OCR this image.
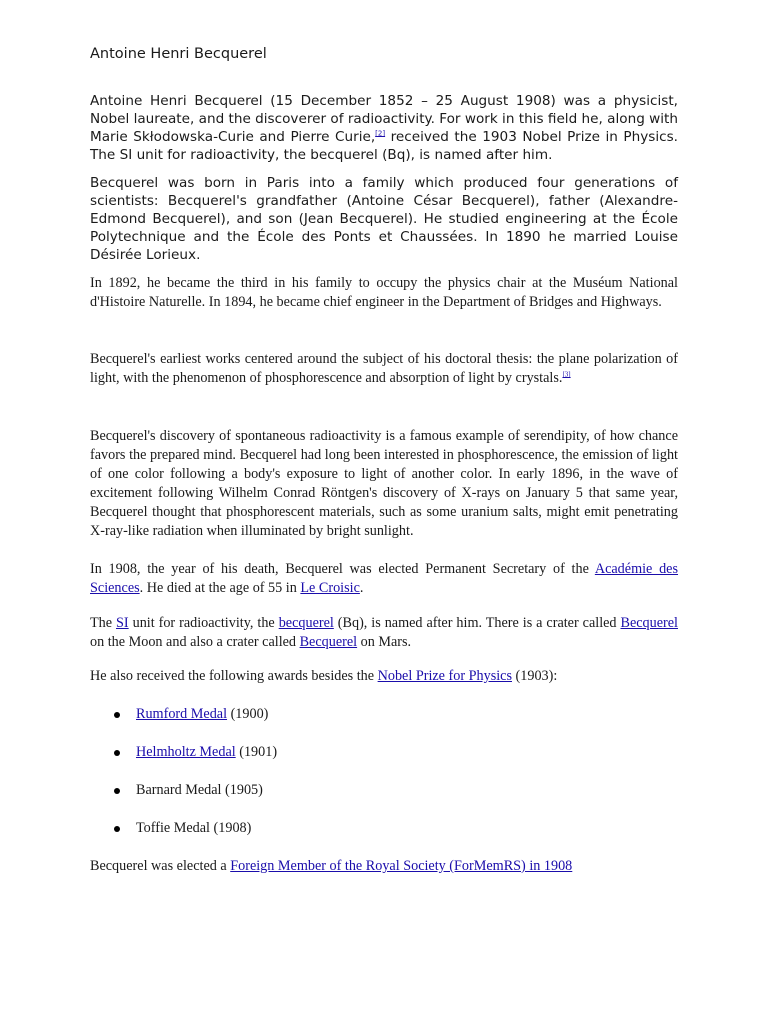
Antoine Henri Becquerel

Antoine Henri Becquerel (15 December 1852 – 25 August 1908) was a physicist, Nobel laureate, and the discoverer of radioactivity. For work in this field he, along with Marie Skłodowska-Curie and Pierre Curie,[2] received the 1903 Nobel Prize in Physics. The SI unit for radioactivity, the becquerel (Bq), is named after him.

Becquerel was born in Paris into a family which produced four generations of scientists: Becquerel's grandfather (Antoine César Becquerel), father (Alexandre-Edmond Becquerel), and son (Jean Becquerel). He studied engineering at the École Polytechnique and the École des Ponts et Chaussées. In 1890 he married Louise Désirée Lorieux.

In 1892, he became the third in his family to occupy the physics chair at the Muséum National d'Histoire Naturelle. In 1894, he became chief engineer in the Department of Bridges and Highways.

Becquerel's earliest works centered around the subject of his doctoral thesis: the plane polarization of light, with the phenomenon of phosphorescence and absorption of light by crystals.[3]

Becquerel's discovery of spontaneous radioactivity is a famous example of serendipity, of how chance favors the prepared mind. Becquerel had long been interested in phosphorescence, the emission of light of one color following a body's exposure to light of another color. In early 1896, in the wave of excitement following Wilhelm Conrad Röntgen's discovery of X-rays on January 5 that same year, Becquerel thought that phosphorescent materials, such as some uranium salts, might emit penetrating X-ray-like radiation when illuminated by bright sunlight.

In 1908, the year of his death, Becquerel was elected Permanent Secretary of the Académie des Sciences. He died at the age of 55 in Le Croisic.

The SI unit for radioactivity, the becquerel (Bq), is named after him. There is a crater called Becquerel on the Moon and also a crater called Becquerel on Mars.

He also received the following awards besides the Nobel Prize for Physics (1903):

Rumford Medal (1900)
Helmholtz Medal (1901)
Barnard Medal (1905)
Toffie Medal (1908)

Becquerel was elected a Foreign Member of the Royal Society (ForMemRS) in 1908
